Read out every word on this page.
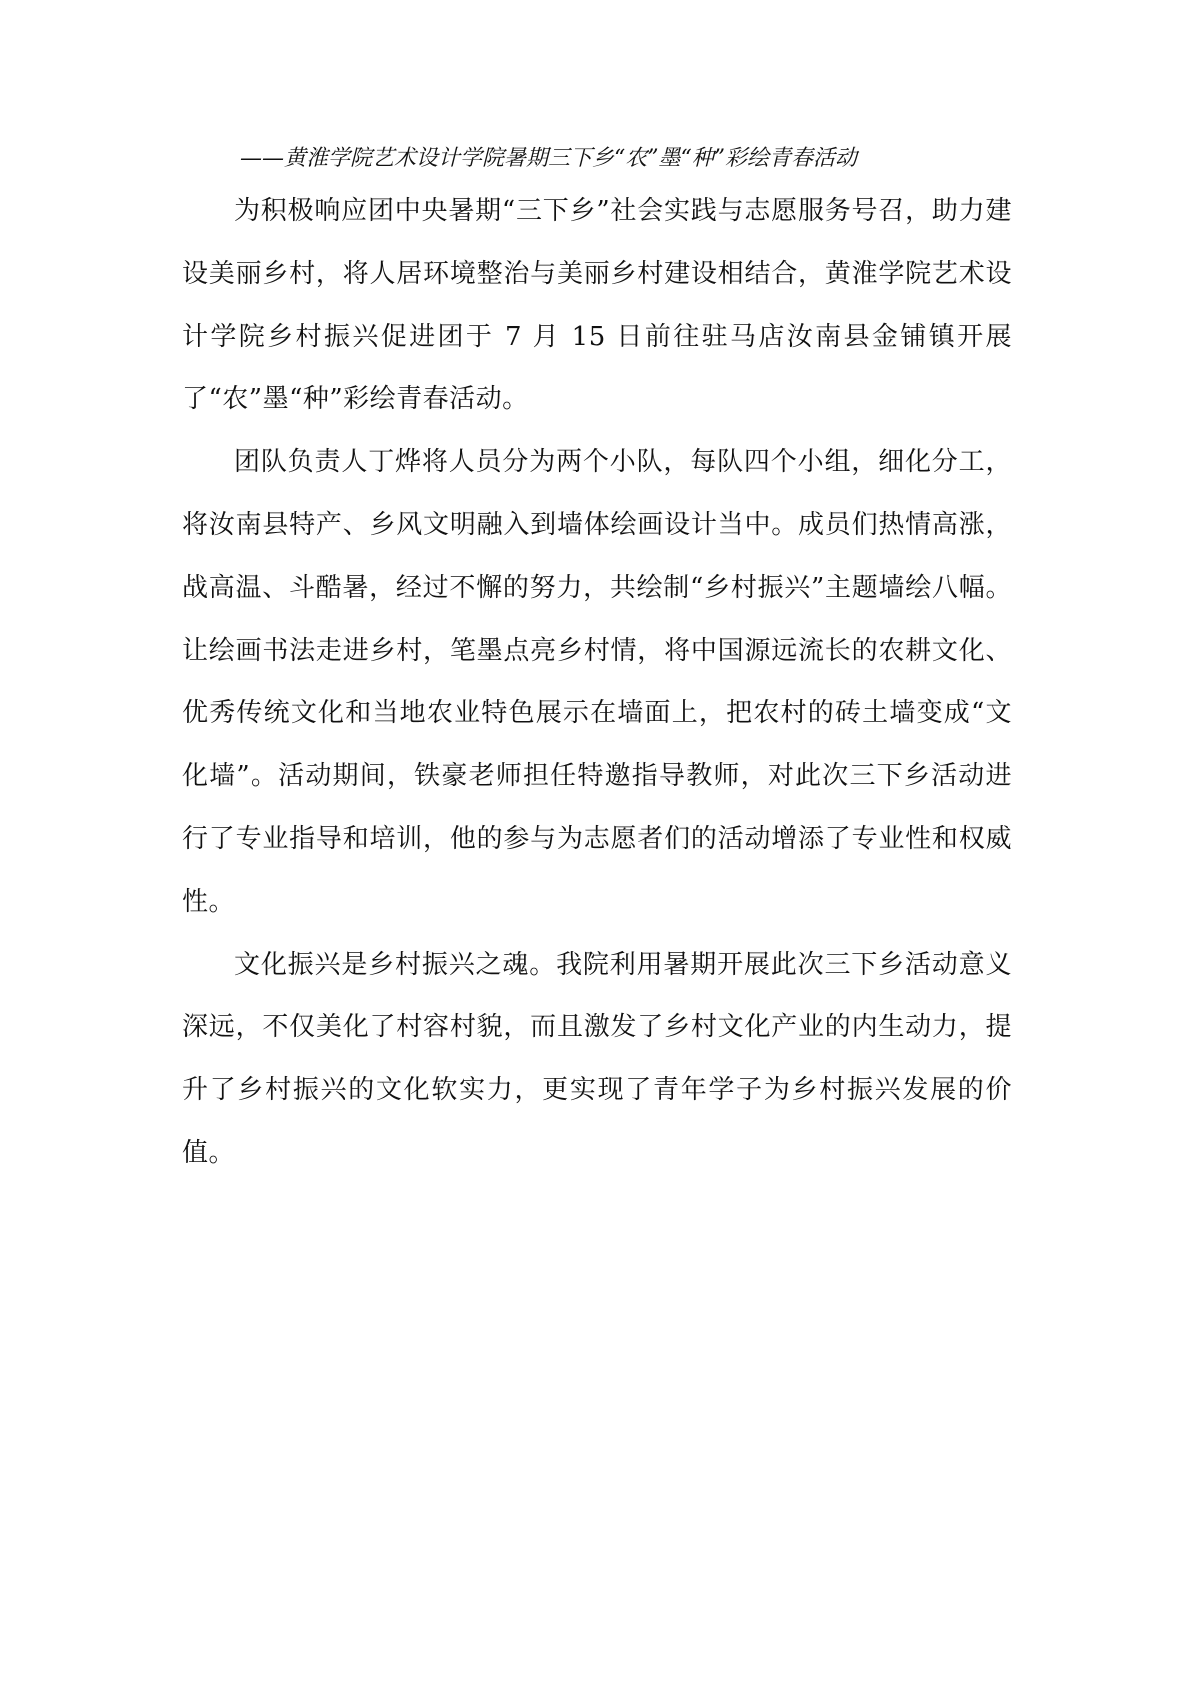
——黄淮学院艺术设计学院暑期三下乡“农”墨“种”彩绘青春活动

为积极响应团中央暑期“三下乡”社会实践与志愿服务号召，助力建设美丽乡村，将人居环境整治与美丽乡村建设相结合，黄淮学院艺术设计学院乡村振兴促进团于 7 月 15 日前往驻马店汝南县金铺镇开展了“农”墨“种”彩绘青春活动。

团队负责人丁烨将人员分为两个小队，每队四个小组，细化分工，将汝南县特产、乡风文明融入到墙体绘画设计当中。成员们热情高涨，战高温、斗酷暑，经过不懈的努力，共绘制“乡村振兴”主题墙绘八幅。让绘画书法走进乡村，笔墨点亮乡村情，将中国源远流长的农耕文化、优秀传统文化和当地农业特色展示在墙面上，把农村的砖土墙变成“文化墙”。活动期间，铁豪老师担任特邀指导教师，对此次三下乡活动进行了专业指导和培训，他的参与为志愿者们的活动增添了专业性和权威性。

文化振兴是乡村振兴之魂。我院利用暑期开展此次三下乡活动意义深远，不仅美化了村容村貌，而且激发了乡村文化产业的内生动力，提升了乡村振兴的文化软实力，更实现了青年学子为乡村振兴发展的价值。
